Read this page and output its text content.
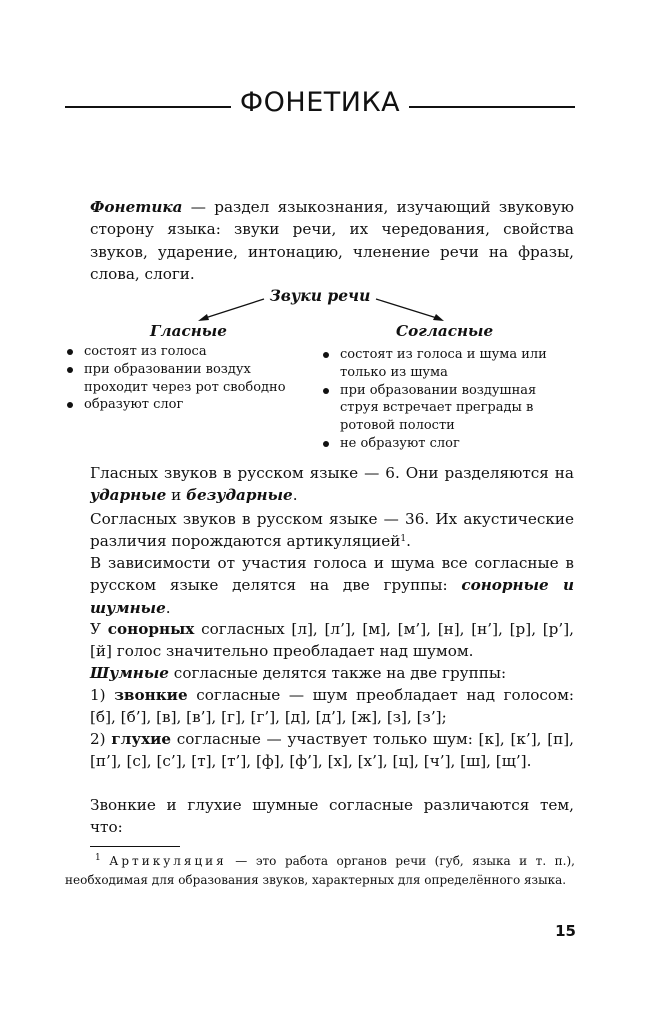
ФОНЕТИКА

Фонетика — раздел языкознания, изучающий звуковую сторону языка: звуки речи, их чередования, свойства звуков, ударение, интонацию, членение речи на фразы, слова, слоги.

Звуки речи
Гласные	Согласные
состоят из голоса
при образовании воздух проходит через рот свободно
образуют слог
состоят из голоса и шума или только из шума
при образовании воздушная струя встречает преграды в ротовой полости
не образуют слог

Гласных звуков в русском языке — 6. Они разделяются на ударные и безударные.

Согласных звуков в русском языке — 36. Их акустические различия порождаются артикуляцией$^1$.

В зависимости от участия голоса и шума все согласные в русском языке делятся на две группы: сонорные и шумные.

У сонорных согласных [л], [л’], [м], [м’], [н], [н’], [р], [р’], [й] голос значительно преобладает над шумом.

Шумные согласные делятся также на две группы:

1) звонкие согласные — шум преобладает над голосом: [б], [б’], [в], [в’], [г], [г’], [д], [д’], [ж], [з], [з’];

2) глухие согласные — участвует только шум: [к], [к’], [п], [п’], [с], [с’], [т], [т’], [ф], [ф’], [х], [х’], [ц], [ч’], [ш], [щ’].

Звонкие и глухие шумные согласные различаются тем, что:

$^1$ Артикуляция — это работа органов речи (губ, языка и т. п.), необходимая для образования звуков, характерных для определённого языка.

15
